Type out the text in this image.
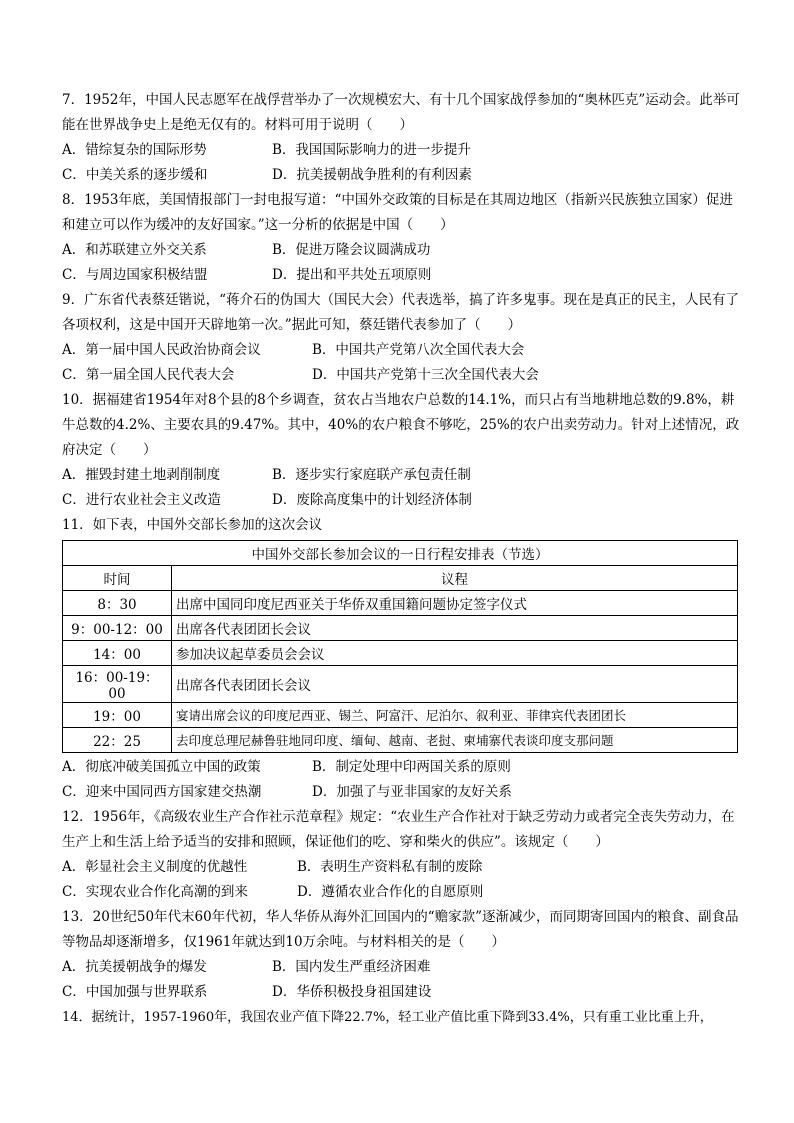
7．1952年，中国人民志愿军在战俘营举办了一次规模宏大、有十几个国家战俘参加的“奥林匹克”运动会。此举可能在世界战争史上是绝无仅有的。材料可用于说明（　　）

A．错综复杂的国际形势	B．我国国际影响力的进一步提升
C．中美关系的逐步缓和	D．抗美援朝战争胜利的有利因素

8．1953年底，美国情报部门一封电报写道：“中国外交政策的目标是在其周边地区（指新兴民族独立国家）促进和建立可以作为缓冲的友好国家。”这一分析的依据是中国（　　）

A．和苏联建立外交关系	B．促进万隆会议圆满成功
C．与周边国家积极结盟	D．提出和平共处五项原则

9．广东省代表蔡廷锴说，“蒋介石的伪国大（国民大会）代表选举，搞了许多鬼事。现在是真正的民主，人民有了各项权利，这是中国开天辟地第一次。”据此可知，蔡廷锴代表参加了（　　）

A．第一届中国人民政治协商会议	B．中国共产党第八次全国代表大会
C．第一届全国人民代表大会	D．中国共产党第十三次全国代表大会

10．据福建省1954年对8个县的8个乡调查，贫农占当地农户总数的14.1%，而只占有当地耕地总数的9.8%，耕牛总数的4.2%、主要农具的9.47%。其中，40%的农户粮食不够吃，25%的农户出卖劳动力。针对上述情况，政府决定（　　）

A．摧毁封建土地剥削制度	B．逐步实行家庭联产承包责任制
C．进行农业社会主义改造	D．废除高度集中的计划经济体制

11．如下表，中国外交部长参加的这次会议

中国外交部长参加会议的一日行程安排表（节选）	
时间	议程
8：30	出席中国同印度尼西亚关于华侨双重国籍问题协定签字仪式
9：00-12：00	出席各代表团团长会议
14：00	参加决议起草委员会会议
16：00-19：00	出席各代表团团长会议
19：00	宴请出席会议的印度尼西亚、锡兰、阿富汗、尼泊尔、叙利亚、菲律宾代表团团长
22：25	去印度总理尼赫鲁驻地同印度、缅甸、越南、老挝、柬埔寨代表谈印度支那问题
A．彻底冲破美国孤立中国的政策	B．制定处理中印两国关系的原则
C．迎来中国同西方国家建交热潮	D．加强了与亚非国家的友好关系

12．1956年，《高级农业生产合作社示范章程》规定：“农业生产合作社对于缺乏劳动力或者完全丧失劳动力，在生产上和生活上给予适当的安排和照顾，保证他们的吃、穿和柴火的供应”。该规定（　　）

A．彰显社会主义制度的优越性	B．表明生产资料私有制的废除
C．实现农业合作化高潮的到来	D．遵循农业合作化的自愿原则

13．20世纪50年代末60年代初，华人华侨从海外汇回国内的“赡家款”逐渐减少，而同期寄回国内的粮食、副食品等物品却逐渐增多，仅1961年就达到10万余吨。与材料相关的是（　　）

A．抗美援朝战争的爆发	B．国内发生严重经济困难
C．中国加强与世界联系	D．华侨积极投身祖国建设

14．据统计，1957-1960年，我国农业产值下降22.7%，轻工业产值比重下降到33.4%，只有重工业比重上升，
